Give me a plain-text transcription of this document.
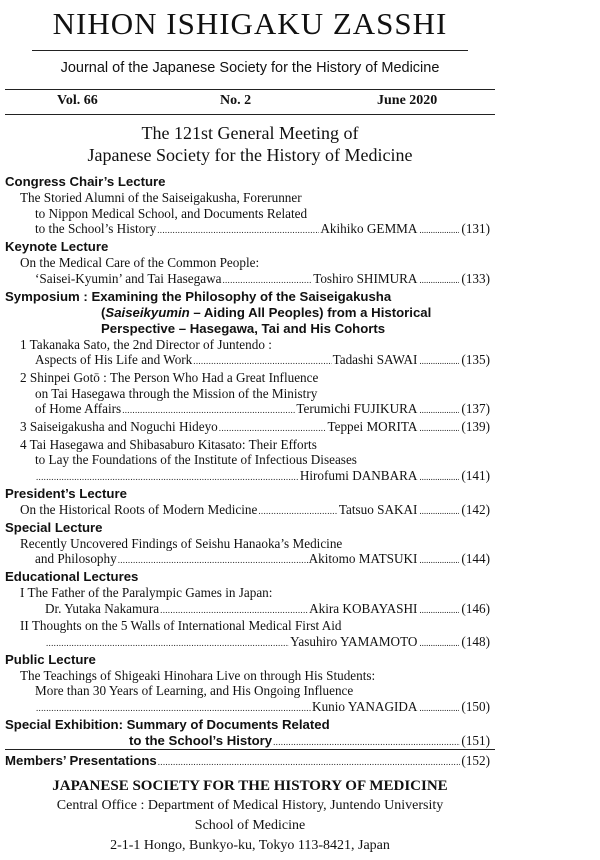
NIHON ISHIGAKU ZASSHI
Journal of the Japanese Society for the History of Medicine
Vol. 66	No. 2	June 2020
The 121st General Meeting of
Japanese Society for the History of Medicine
Congress Chair’s Lecture
The Storied Alumni of the Saiseigakusha, Forerunner
to Nippon Medical School, and Documents Related
to the School’s History .....	Akihiko GEMMA .....	(131)
Keynote Lecture
On the Medical Care of the Common People:
‘Saisei-Kyumin’ and Tai Hasegawa .....	Toshiro SHIMURA .....	(133)
Symposium : Examining the Philosophy of the Saiseigakusha
(Saiseikyumin – Aiding All Peoples) from a Historical
Perspective – Hasegawa, Tai and His Cohorts
1 Takanaka Sato, the 2nd Director of Juntendo :
Aspects of His Life and Work .....	Tadashi SAWAI .....	(135)
2 Shinpei Gotō : The Person Who Had a Great Influence
on Tai Hasegawa through the Mission of the Ministry
of Home Affairs .....	Terumichi FUJIKURA .....	(137)
3 Saiseigakusha and Noguchi Hideyo .....	Teppei MORITA .....	(139)
4 Tai Hasegawa and Shibasaburo Kitasato: Their Efforts
to Lay the Foundations of the Institute of Infectious Diseases
.....
Hirofumi DANBARA .....	(141)
President’s Lecture
On the Historical Roots of Modern Medicine .....	Tatsuo SAKAI .....	(142)
Special Lecture
Recently Uncovered Findings of Seishu Hanaoka’s Medicine
and Philosophy .....	Akitomo MATSUKI .....	(144)
Educational Lectures
I The Father of the Paralympic Games in Japan:
Dr. Yutaka Nakamura .....	Akira KOBAYASHI .....	(146)
II Thoughts on the 5 Walls of International Medical First Aid
.....
Yasuhiro YAMAMOTO .....	(148)
Public Lecture
The Teachings of Shigeaki Hinohara Live on through His Students:
More than 30 Years of Learning, and His Ongoing Influence
.....
Kunio YANAGIDA .....	(150)
Special Exhibition: Summary of Documents Related
to the School’s History .....	(151)
Members’ Presentations .....	(152)
JAPANESE SOCIETY FOR THE HISTORY OF MEDICINE
Central Office : Department of Medical History, Juntendo University
School of Medicine
2-1-1 Hongo, Bunkyo-ku, Tokyo 113-8421, Japan
